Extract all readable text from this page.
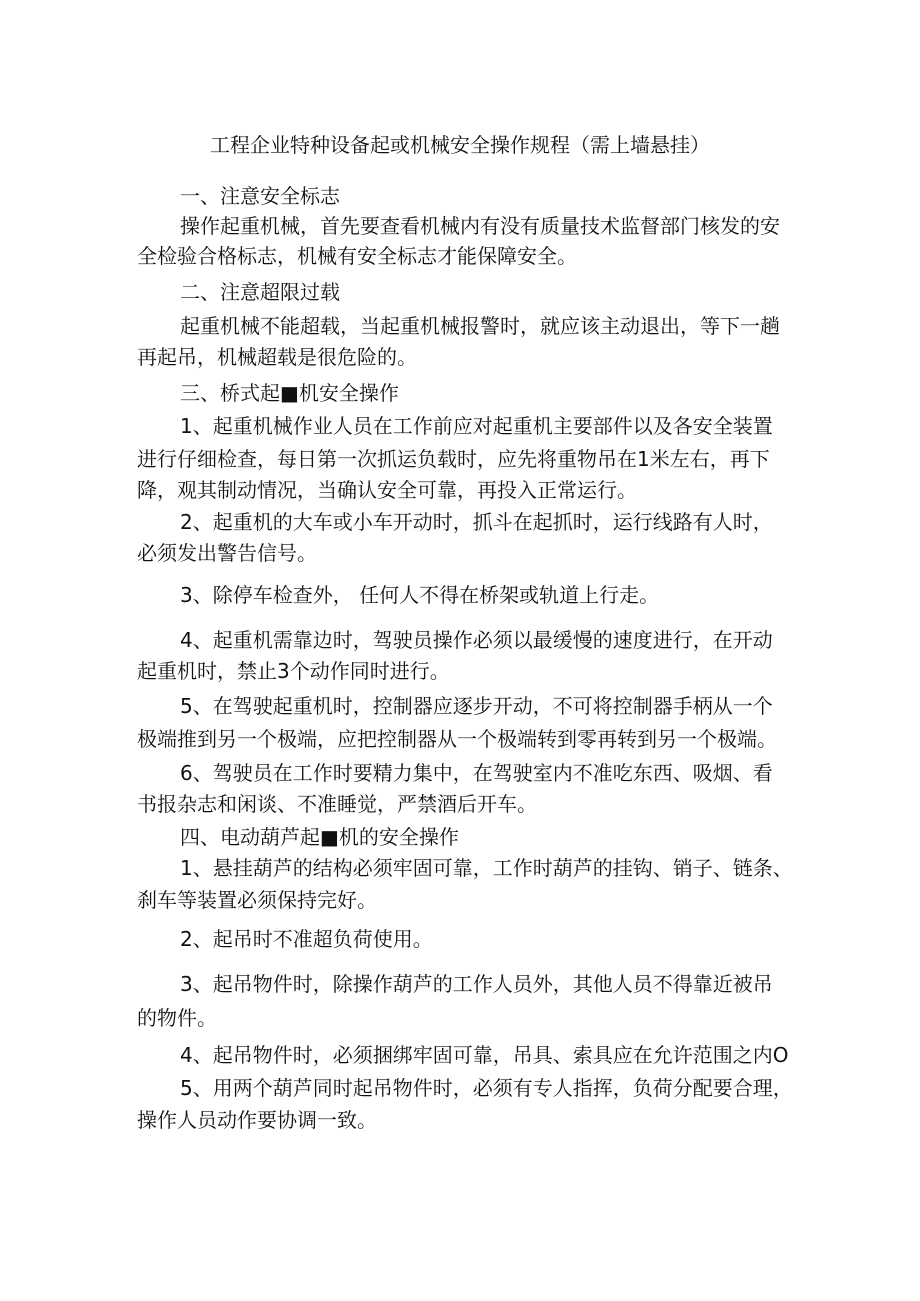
工程企业特种设备起或机械安全操作规程（需上墙悬挂）
一、注意安全标志
操作起重机械，首先要查看机械内有没有质量技术监督部门核发的安
全检验合格标志，机械有安全标志才能保障安全。
二、注意超限过载
起重机械不能超载，当起重机械报警时，就应该主动退出，等下一趟
再起吊，机械超载是很危险的。
三、桥式起■机安全操作
1、起重机械作业人员在工作前应对起重机主要部件以及各安全装置
进行仔细检查，每日第一次抓运负载时，应先将重物吊在1米左右，再下
降，观其制动情况，当确认安全可靠，再投入正常运行。
2、起重机的大车或小车开动时，抓斗在起抓时，运行线路有人时，
必须发出警告信号。
3、除停车检查外， 任何人不得在桥架或轨道上行走。
4、起重机需靠边时，驾驶员操作必须以最缓慢的速度进行，在开动
起重机时，禁止3个动作同时进行。
5、在驾驶起重机时，控制器应逐步开动，不可将控制器手柄从一个
极端推到另一个极端，应把控制器从一个极端转到零再转到另一个极端。
6、驾驶员在工作时要精力集中，在驾驶室内不准吃东西、吸烟、看
书报杂志和闲谈、不准睡觉，严禁酒后开车。
四、电动葫芦起■机的安全操作
1、悬挂葫芦的结构必须牢固可靠，工作时葫芦的挂钩、销子、链条、
刹车等装置必须保持完好。
2、起吊时不准超负荷使用。
3、起吊物件时，除操作葫芦的工作人员外，其他人员不得靠近被吊
的物件。
4、起吊物件时，必须捆绑牢固可靠，吊具、索具应在允许范围之内O
5、用两个葫芦同时起吊物件时，必须有专人指挥，负荷分配要合理，
操作人员动作要协调一致。
